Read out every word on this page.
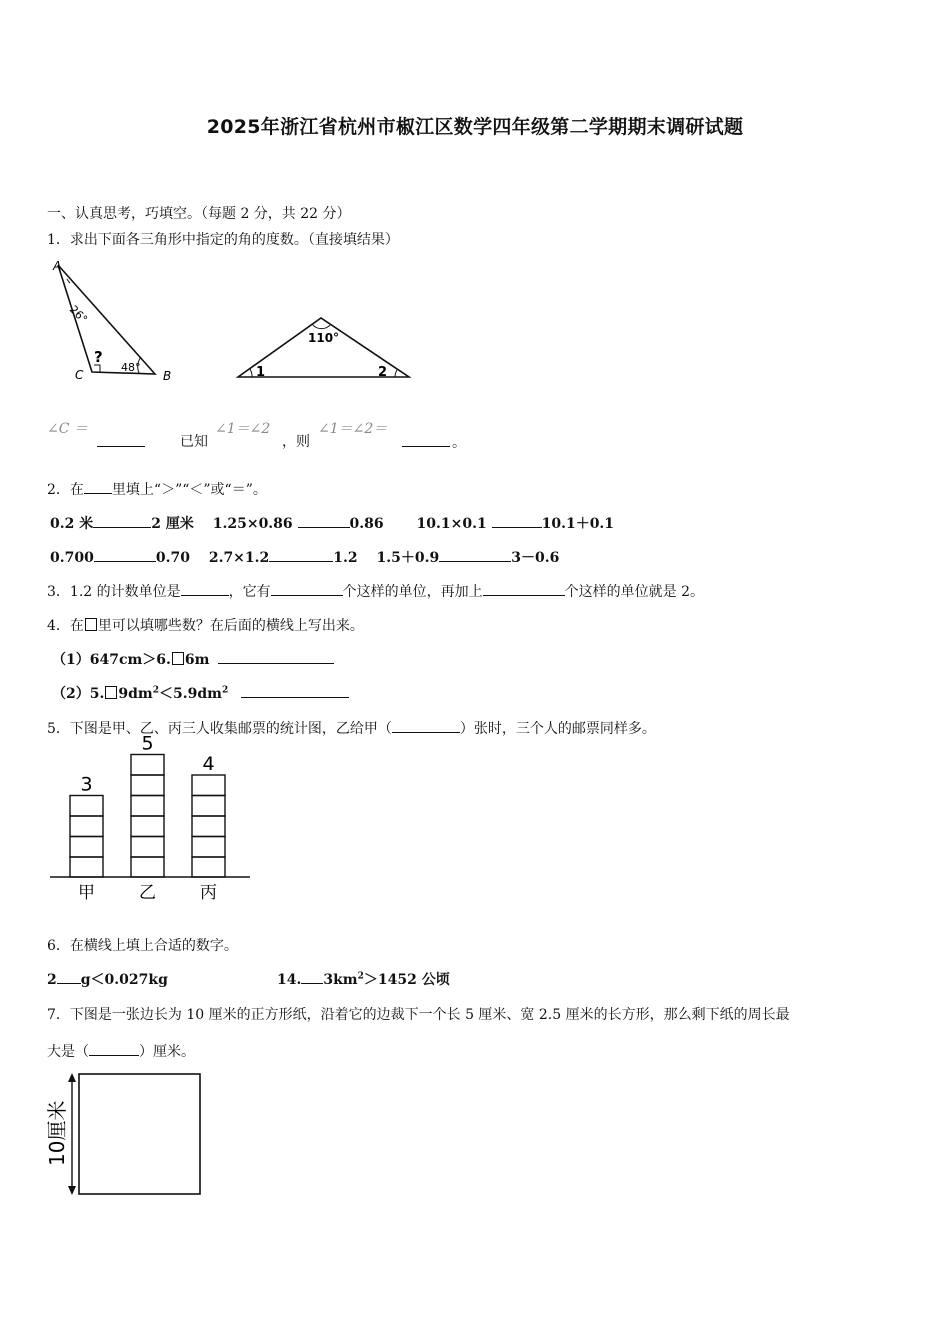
2025年浙江省杭州市椒江区数学四年级第二学期期末调研试题
一、认真思考，巧填空。（每题 2 分，共 22 分）
1．求出下面各三角形中指定的角的度数。（直接填结果）
A
B
C
26°
48°
?
110°
1	2
∠C ＝
已知
∠1＝∠2
，则
∠1＝∠2＝
。
2．在 里填上“＞”“＜”或“＝”。
0.2 米	2 厘米 1.25×0.86	0.86 10.1×0.1	10.1＋0.1
0.700	0.70 2.7×1.2	1.2 1.5＋0.9	3－0.6
3．1.2 的计数单位是	，它有	个这样的单位，再加上	个这样的单位就是 2。
4．在 里可以填哪些数？在后面的横线上写出来。
（1）647cm＞6. 6m
（2）5. $9dm^2<5.9dm^2$
5．下图是甲、乙、丙三人收集邮票的统计图，乙给甲（	）张时，三个人的邮票同样多。
3
甲
5
乙
4
丙
6．在横线上填上合适的数字。
2 g＜0.027kg	14. $3km^2>1452$ 公顷
7．下图是一张边长为 10 厘米的正方形纸，沿着它的边裁下一个长 5 厘米、宽 2.5 厘米的长方形，那么剩下纸的周长最
大是（	）厘米。
10厘米
